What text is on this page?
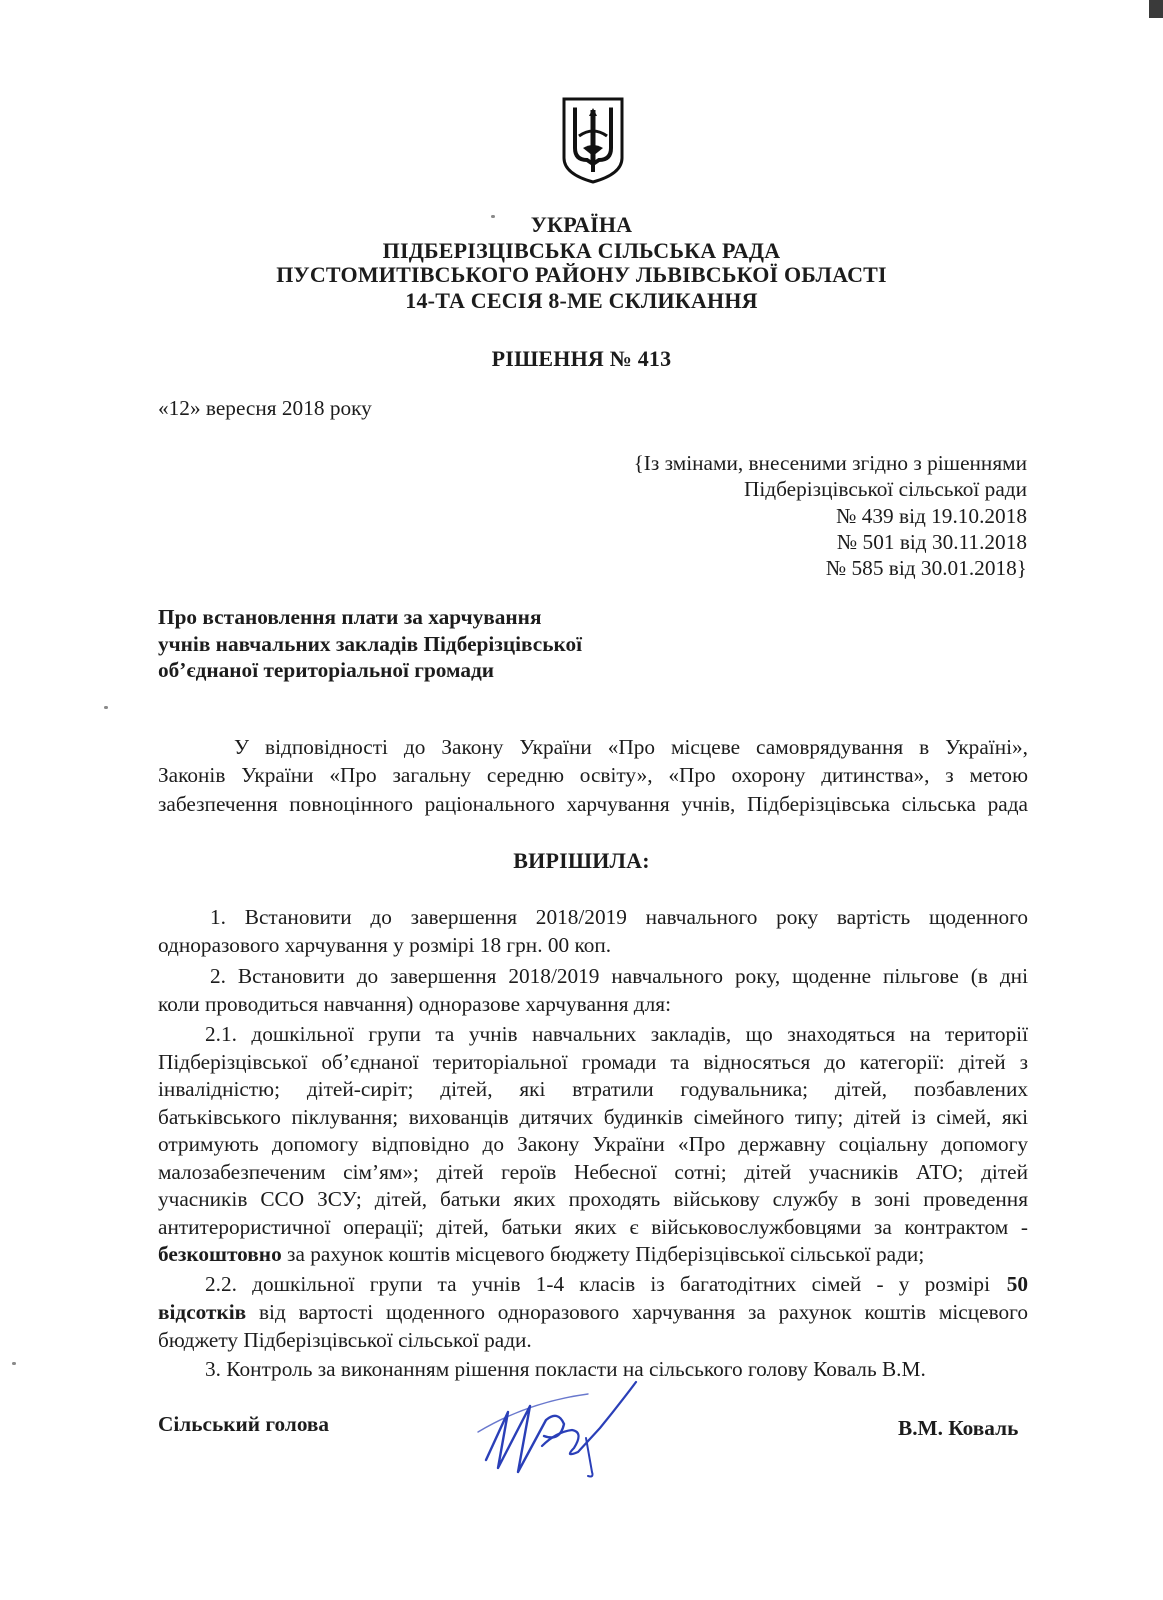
УКРАЇНА
ПІДБЕРІЗЦІВСЬКА СІЛЬСЬКА РАДА
ПУСТОМИТІВСЬКОГО РАЙОНУ ЛЬВІВСЬКОЇ ОБЛАСТІ
14-ТА СЕСІЯ 8-МЕ СКЛИКАННЯ
РІШЕННЯ № 413
«12» вересня 2018 року
{Із змінами, внесеними згідно з рішеннями
Підберізцівської сільської ради
№ 439 від 19.10.2018
№ 501 від 30.11.2018
№ 585 від 30.01.2018}
Про встановлення плати за харчування
учнів навчальних закладів Підберізцівської
об’єднаної територіальної громади
У відповідності до Закону України «Про місцеве самоврядування в Україні»,
Законів України «Про загальну середню освіту», «Про охорону дитинства», з метою
забезпечення повноцінного раціонального харчування учнів, Підберізцівська сільська рада
ВИРІШИЛА:
1. Встановити до завершення 2018/2019 навчального року вартість щоденного
одноразового харчування у розмірі 18 грн. 00 коп.
2. Встановити до завершення 2018/2019 навчального року, щоденне пільгове (в дні
коли проводиться навчання) одноразове харчування для:
2.1. дошкільної групи та учнів навчальних закладів, що знаходяться на території
Підберізцівської об’єднаної територіальної громади та відносяться до категорії: дітей з
інвалідністю; дітей-сиріт; дітей, які втратили годувальника; дітей, позбавлених
батьківського піклування; вихованців дитячих будинків сімейного типу; дітей із сімей, які
отримують допомогу відповідно до Закону України «Про державну соціальну допомогу
малозабезпеченим сім’ям»; дітей героїв Небесної сотні; дітей учасників АТО; дітей
учасників ССО ЗСУ; дітей, батьки яких проходять військову службу в зоні проведення
антитерористичної операції; дітей, батьки яких є військовослужбовцями за контрактом -
безкоштовно за рахунок коштів місцевого бюджету Підберізцівської сільської ради;
2.2. дошкільної групи та учнів 1-4 класів із багатодітних сімей - у розмірі 50
відсотків від вартості щоденного одноразового харчування за рахунок коштів місцевого
бюджету Підберізцівської сільської ради.
3. Контроль за виконанням рішення покласти на сільського голову Коваль В.М.
Сільський голова	В.М. Коваль
